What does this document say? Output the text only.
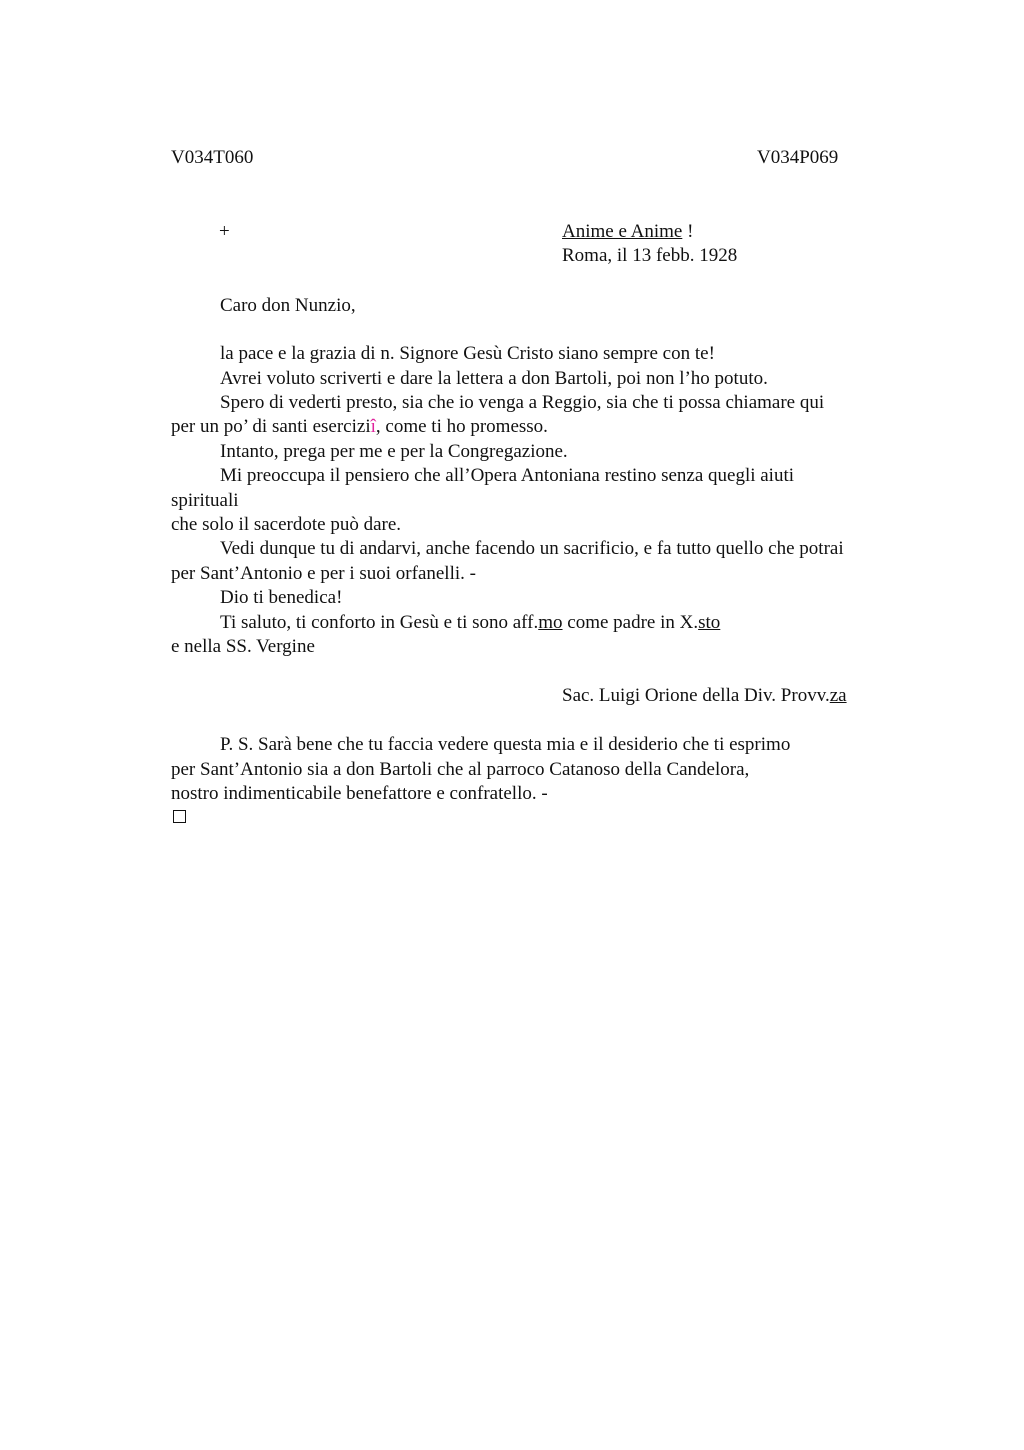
V034T060	V034P069
+	Anime e Anime !
Roma, il 13 febb. 1928
Caro don Nunzio,
la pace e la grazia di n. Signore Gesù Cristo siano sempre con te!
Avrei voluto scriverti e dare la lettera a don Bartoli, poi non l’ho potuto.
Spero di vederti presto, sia che io venga a Reggio, sia che ti possa chiamare qui
per un po’ di santi eserciziî, come ti ho promesso.
Intanto, prega per me e per la Congregazione.
Mi preoccupa il pensiero che all’Opera Antoniana restino senza quegli aiuti
spirituali
che solo il sacerdote può dare.
Vedi dunque tu di andarvi, anche facendo un sacrificio, e fa tutto quello che potrai
per Sant’Antonio e per i suoi orfanelli. -
Dio ti benedica!
Ti saluto, ti conforto in Gesù e ti sono aff.mo come padre in X.sto
e nella SS. Vergine
Sac. Luigi Orione della Div. Provv.za
P. S. Sarà bene che tu faccia vedere questa mia e il desiderio che ti esprimo
per Sant’Antonio sia a don Bartoli che al parroco Catanoso della Candelora,
nostro indimenticabile benefattore e confratello. -
